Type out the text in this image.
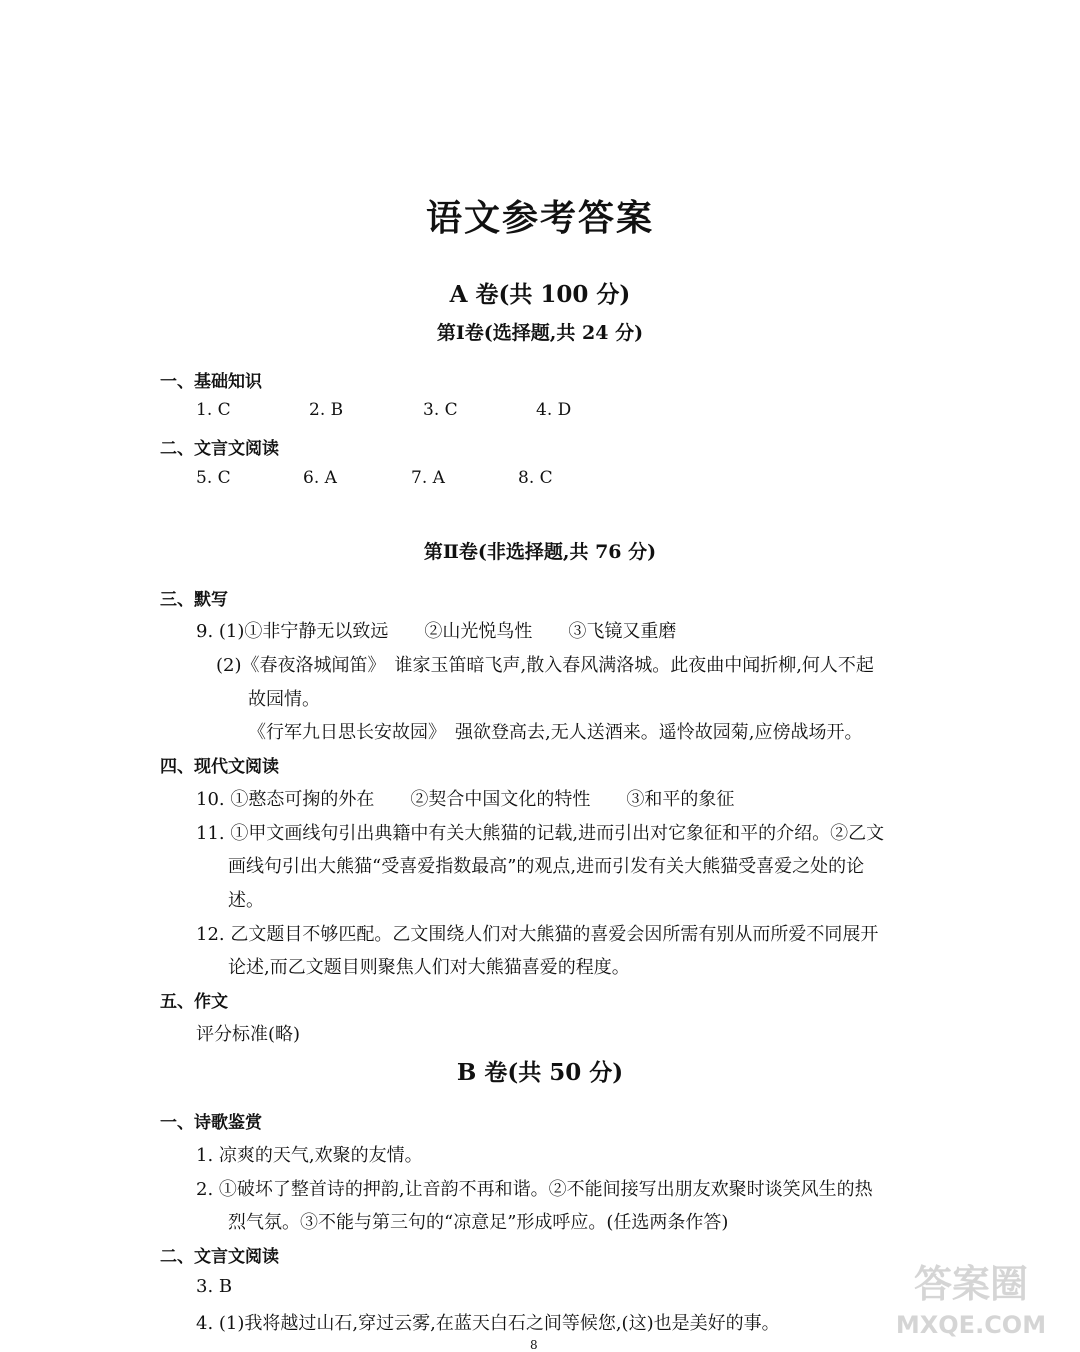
语文参考答案
A 卷(共 100 分)
第Ⅰ卷(选择题,共 24 分)
一、基础知识
1. C	2. B	3. C	4. D
二、文言文阅读
5. C	6. A	7. A	8. C
第Ⅱ卷(非选择题,共 76 分)
三、默写
9. (1)①非宁静无以致远　　②山光悦鸟性　　③飞镜又重磨
(2)《春夜洛城闻笛》　谁家玉笛暗飞声,散入春风满洛城。此夜曲中闻折柳,何人不起
故园情。
《行军九日思长安故园》　强欲登高去,无人送酒来。遥怜故园菊,应傍战场开。
四、现代文阅读
10. ①憨态可掬的外在　　②契合中国文化的特性　　③和平的象征
11. ①甲文画线句引出典籍中有关大熊猫的记载,进而引出对它象征和平的介绍。②乙文
画线句引出大熊猫“受喜爱指数最高”的观点,进而引发有关大熊猫受喜爱之处的论
述。
12. 乙文题目不够匹配。乙文围绕人们对大熊猫的喜爱会因所需有别从而所爱不同展开
论述,而乙文题目则聚焦人们对大熊猫喜爱的程度。
五、作文
评分标准(略)
B 卷(共 50 分)
一、诗歌鉴赏
1. 凉爽的天气,欢聚的友情。
2. ①破坏了整首诗的押韵,让音韵不再和谐。②不能间接写出朋友欢聚时谈笑风生的热
烈气氛。③不能与第三句的“凉意足”形成呼应。(任选两条作答)
二、文言文阅读
3. B
4. (1)我将越过山石,穿过云雾,在蓝天白石之间等候您,(这)也是美好的事。
8
答案圈
MXQE.COM
